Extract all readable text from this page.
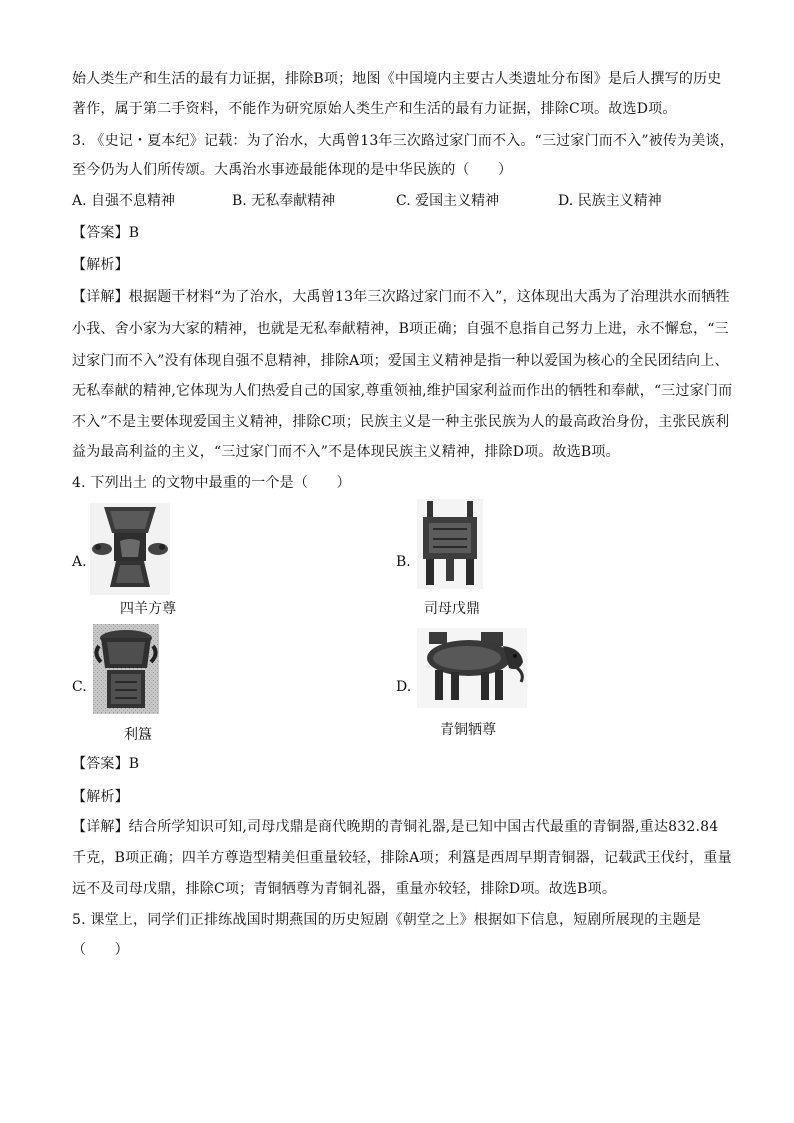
始人类生产和生活的最有力证据，排除B项；地图《中国境内主要古人类遗址分布图》是后人撰写的历史
著作，属于第二手资料，不能作为研究原始人类生产和生活的最有力证据，排除C项。故选D项。
3. 《史记・夏本纪》记载：为了治水，大禹曾13年三次路过家门而不入。“三过家门而不入”被传为美谈，
至今仍为人们所传颂。大禹治水事迹最能体现的是中华民族的（　　）
A. 自强不息精神	B. 无私奉献精神	C. 爱国主义精神	D. 民族主义精神
【答案】B
【解析】
【详解】根据题干材料“为了治水，大禹曾13年三次路过家门而不入”，这体现出大禹为了治理洪水而牺牲
小我、舍小家为大家的精神，也就是无私奉献精神，B项正确；自强不息指自己努力上进，永不懈怠，“三
过家门而不入”没有体现自强不息精神，排除A项；爱国主义精神是指一种以爱国为核心的全民团结向上、
无私奉献的精神,它体现为人们热爱自己的国家,尊重领袖,维护国家利益而作出的牺牲和奉献，“三过家门而
不入”不是主要体现爱国主义精神，排除C项；民族主义是一种主张民族为人的最高政治身份，主张民族利
益为最高利益的主义，“三过家门而不入”不是体现民族主义精神，排除D项。故选B项。
4. 下列出土 的文物中最重的一个是（　　）
A.
四羊方尊
B.
司母戊鼎
C.
利簋
D.
青铜牺尊
【答案】B
【解析】
【详解】结合所学知识可知,司母戊鼎是商代晚期的青铜礼器,是已知中国古代最重的青铜器,重达832.84
千克，B项正确；四羊方尊造型精美但重量较轻，排除A项；利簋是西周早期青铜器，记载武王伐纣，重量
远不及司母戊鼎，排除C项；青铜牺尊为青铜礼器，重量亦较轻，排除D项。故选B项。
5. 课堂上，同学们正排练战国时期燕国的历史短剧《朝堂之上》根据如下信息，短剧所展现的主题是
（　　）
